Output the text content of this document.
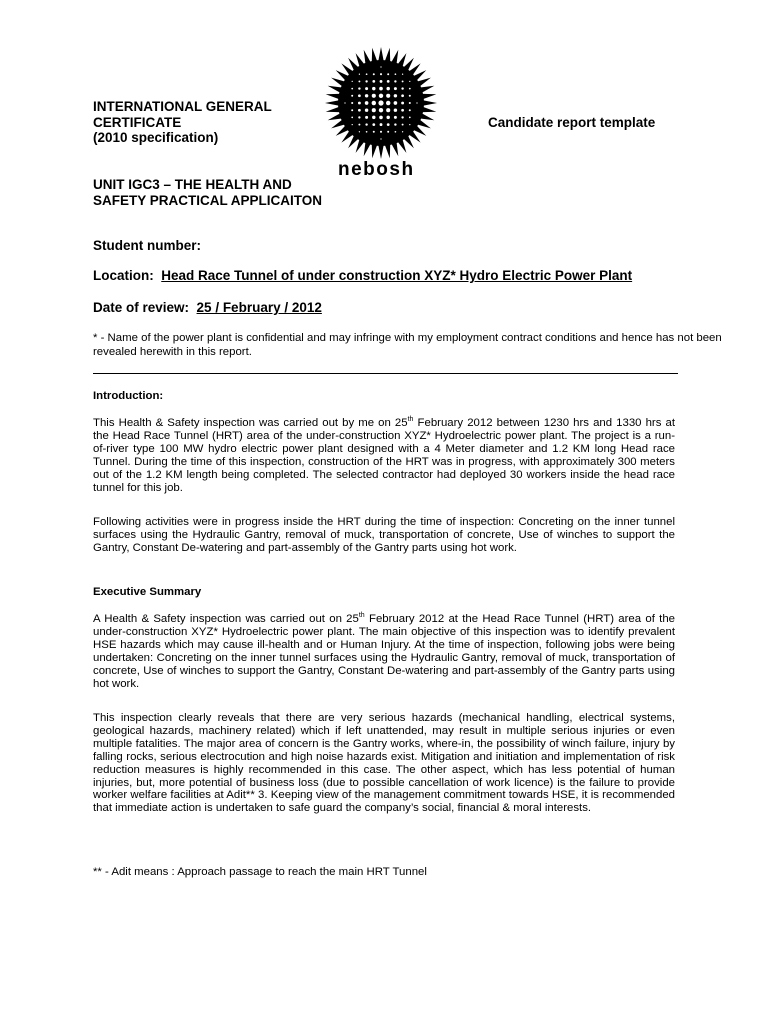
INTERNATIONAL GENERAL
CERTIFICATE
(2010 specification)
UNIT IGC3 – THE HEALTH AND
SAFETY PRACTICAL APPLICAITON
nebosh
Candidate report template
Student number:
Location: Head Race Tunnel of under construction XYZ* Hydro Electric Power Plant
Date of review: 25 / February / 2012
* - Name of the power plant is confidential and may infringe with my employment contract conditions and hence has not been revealed herewith in this report.
Introduction:
This Health & Safety inspection was carried out by me on 25th February 2012 between 1230 hrs and 1330 hrs at the Head Race Tunnel (HRT) area of the under-construction XYZ* Hydroelectric power plant. The project is a run-of-river type 100 MW hydro electric power plant designed with a 4 Meter diameter and 1.2 KM long Head race Tunnel. During the time of this inspection, construction of the HRT was in progress, with approximately 300 meters out of the 1.2 KM length being completed. The selected contractor had deployed 30 workers inside the head race tunnel for this job.
Following activities were in progress inside the HRT during the time of inspection: Concreting on the inner tunnel surfaces using the Hydraulic Gantry, removal of muck, transportation of concrete, Use of winches to support the Gantry, Constant De-watering and part-assembly of the Gantry parts using hot work.
Executive Summary
A Health & Safety inspection was carried out on 25th February 2012 at the Head Race Tunnel (HRT) area of the under-construction XYZ* Hydroelectric power plant. The main objective of this inspection was to identify prevalent HSE hazards which may cause ill-health and or Human Injury. At the time of inspection, following jobs were being undertaken: Concreting on the inner tunnel surfaces using the Hydraulic Gantry, removal of muck, transportation of concrete, Use of winches to support the Gantry, Constant De-watering and part-assembly of the Gantry parts using hot work.
This inspection clearly reveals that there are very serious hazards (mechanical handling, electrical systems, geological hazards, machinery related) which if left unattended, may result in multiple serious injuries or even multiple fatalities. The major area of concern is the Gantry works, where-in, the possibility of winch failure, injury by falling rocks, serious electrocution and high noise hazards exist. Mitigation and initiation and implementation of risk reduction measures is highly recommended in this case. The other aspect, which has less potential of human injuries, but, more potential of business loss (due to possible cancellation of work licence) is the failure to provide worker welfare facilities at Adit** 3. Keeping view of the management commitment towards HSE, it is recommended that immediate action is undertaken to safe guard the company’s social, financial & moral interests.
** - Adit means : Approach passage to reach the main HRT Tunnel
